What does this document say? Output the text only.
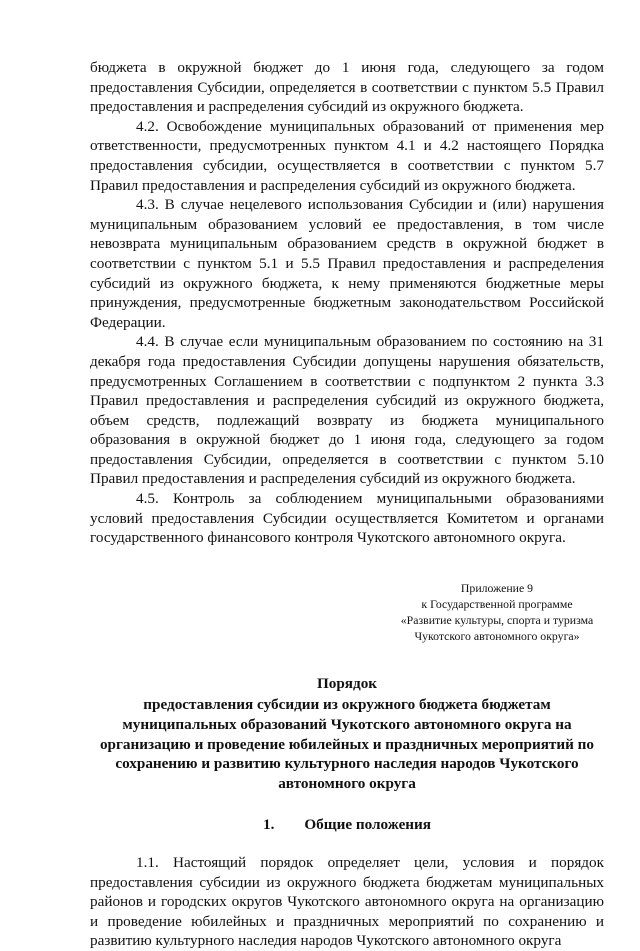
бюджета в окружной бюджет до 1 июня года, следующего за годом предоставления Субсидии, определяется в соответствии с пунктом 5.5 Правил предоставления и распределения субсидий из окружного бюджета.

4.2. Освобождение муниципальных образований от применения мер ответственности, предусмотренных пунктом 4.1 и 4.2 настоящего Порядка предоставления субсидии, осуществляется в соответствии с пунктом 5.7 Правил предоставления и распределения субсидий из окружного бюджета.

4.3. В случае нецелевого использования Субсидии и (или) нарушения муниципальным образованием условий ее предоставления, в том числе невозврата муниципальным образованием средств в окружной бюджет в соответствии с пунктом 5.1 и 5.5 Правил предоставления и распределения субсидий из окружного бюджета, к нему применяются бюджетные меры принуждения, предусмотренные бюджетным законодательством Российской Федерации.

4.4. В случае если муниципальным образованием по состоянию на 31 декабря года предоставления Субсидии допущены нарушения обязательств, предусмотренных Соглашением в соответствии с подпунктом 2 пункта 3.3 Правил предоставления и распределения субсидий из окружного бюджета, объем средств, подлежащий возврату из бюджета муниципального образования в окружной бюджет до 1 июня года, следующего за годом предоставления Субсидии, определяется в соответствии с пунктом 5.10 Правил предоставления и распределения субсидий из окружного бюджета.

4.5. Контроль за соблюдением муниципальными образованиями условий предоставления Субсидии осуществляется Комитетом и органами государственного финансового контроля Чукотского автономного округа.

Приложение 9
к Государственной программе
«Развитие культуры, спорта и туризма
Чукотского автономного округа»
Порядок
предоставления субсидии из окружного бюджета бюджетам муниципальных образований Чукотского автономного округа на организацию и проведение юбилейных и праздничных мероприятий по сохранению и развитию культурного наследия народов Чукотского автономного округа
1. Общие положения

1.1. Настоящий порядок определяет цели, условия и порядок предоставления субсидии из окружного бюджета бюджетам муниципальных районов и городских округов Чукотского автономного округа на организацию и проведение юбилейных и праздничных мероприятий по сохранению и развитию культурного наследия народов Чукотского автономного округа
